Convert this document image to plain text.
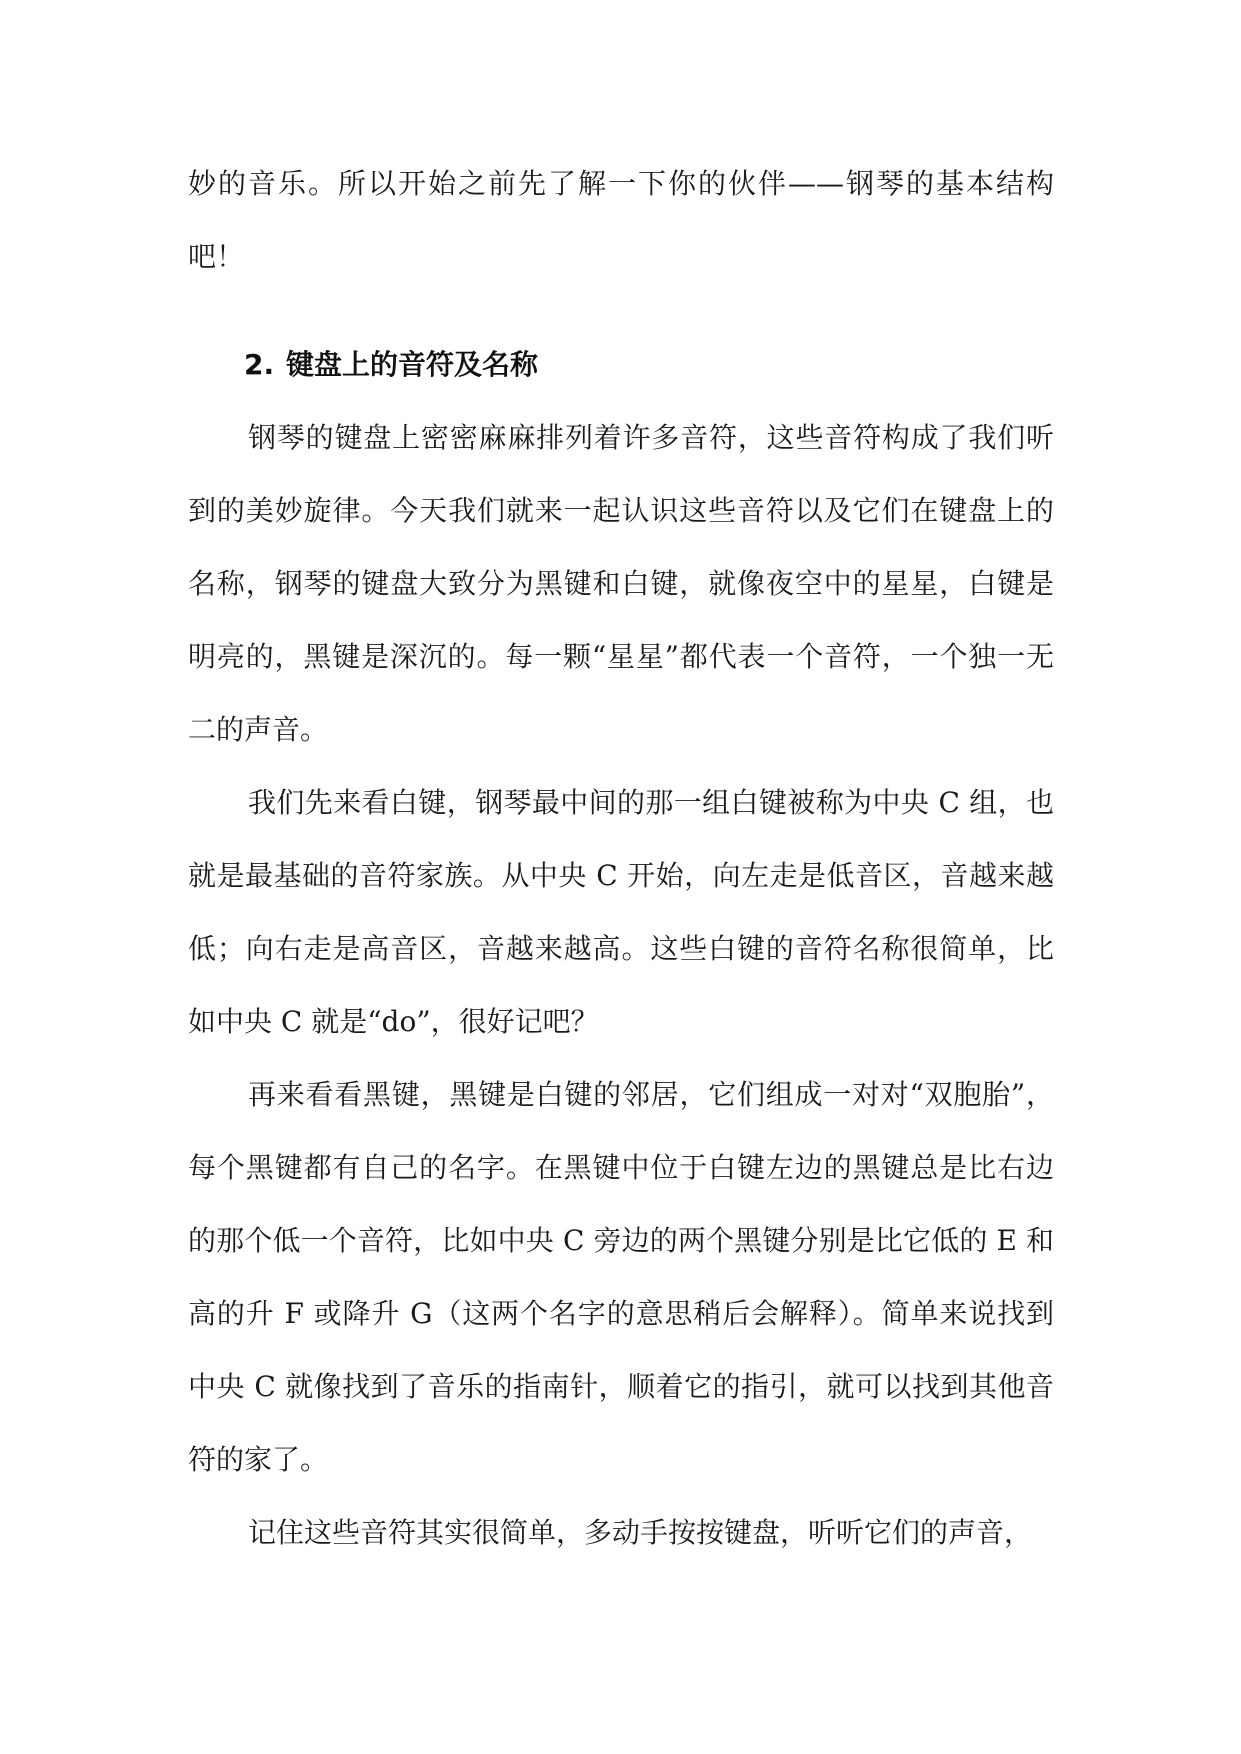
妙的音乐。所以开始之前先了解一下你的伙伴——钢琴的基本结构吧！

2. 键盘上的音符及名称

钢琴的键盘上密密麻麻排列着许多音符，这些音符构成了我们听到的美妙旋律。今天我们就来一起认识这些音符以及它们在键盘上的名称，钢琴的键盘大致分为黑键和白键，就像夜空中的星星，白键是明亮的，黑键是深沉的。每一颗“星星”都代表一个音符，一个独一无二的声音。

我们先来看白键，钢琴最中间的那一组白键被称为中央 C 组，也就是最基础的音符家族。从中央 C 开始，向左走是低音区，音越来越低；向右走是高音区，音越来越高。这些白键的音符名称很简单，比如中央 C 就是“do”，很好记吧？

再来看看黑键，黑键是白键的邻居，它们组成一对对“双胞胎”，每个黑键都有自己的名字。在黑键中位于白键左边的黑键总是比右边的那个低一个音符，比如中央 C 旁边的两个黑键分别是比它低的 E 和高的升 F 或降升 G（这两个名字的意思稍后会解释）。简单来说找到中央 C 就像找到了音乐的指南针，顺着它的指引，就可以找到其他音符的家了。

记住这些音符其实很简单，多动手按按键盘，听听它们的声音，
